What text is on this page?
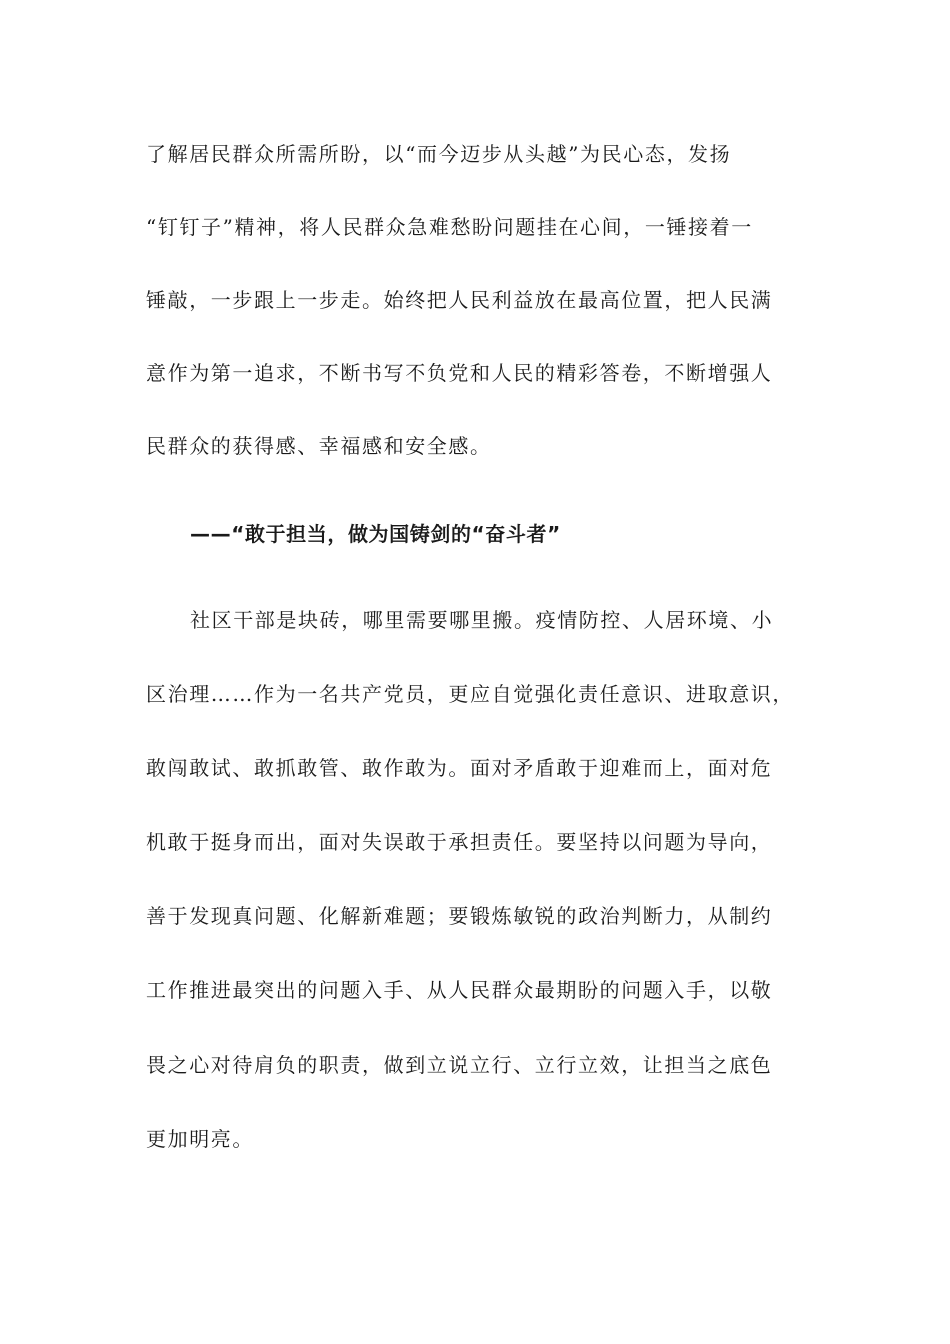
了解居民群众所需所盼，以“而今迈步从头越”为民心态，发扬
“钉钉子”精神，将人民群众急难愁盼问题挂在心间，一锤接着一
锤敲，一步跟上一步走。始终把人民利益放在最高位置，把人民满
意作为第一追求，不断书写不负党和人民的精彩答卷，不断增强人
民群众的获得感、幸福感和安全感。
——“敢于担当，做为国铸剑的“奋斗者”
社区干部是块砖，哪里需要哪里搬。疫情防控、人居环境、小
区治理……作为一名共产党员，更应自觉强化责任意识、进取意识，
敢闯敢试、敢抓敢管、敢作敢为。面对矛盾敢于迎难而上，面对危
机敢于挺身而出，面对失误敢于承担责任。要坚持以问题为导向，
善于发现真问题、化解新难题；要锻炼敏锐的政治判断力，从制约
工作推进最突出的问题入手、从人民群众最期盼的问题入手，以敬
畏之心对待肩负的职责，做到立说立行、立行立效，让担当之底色
更加明亮。
